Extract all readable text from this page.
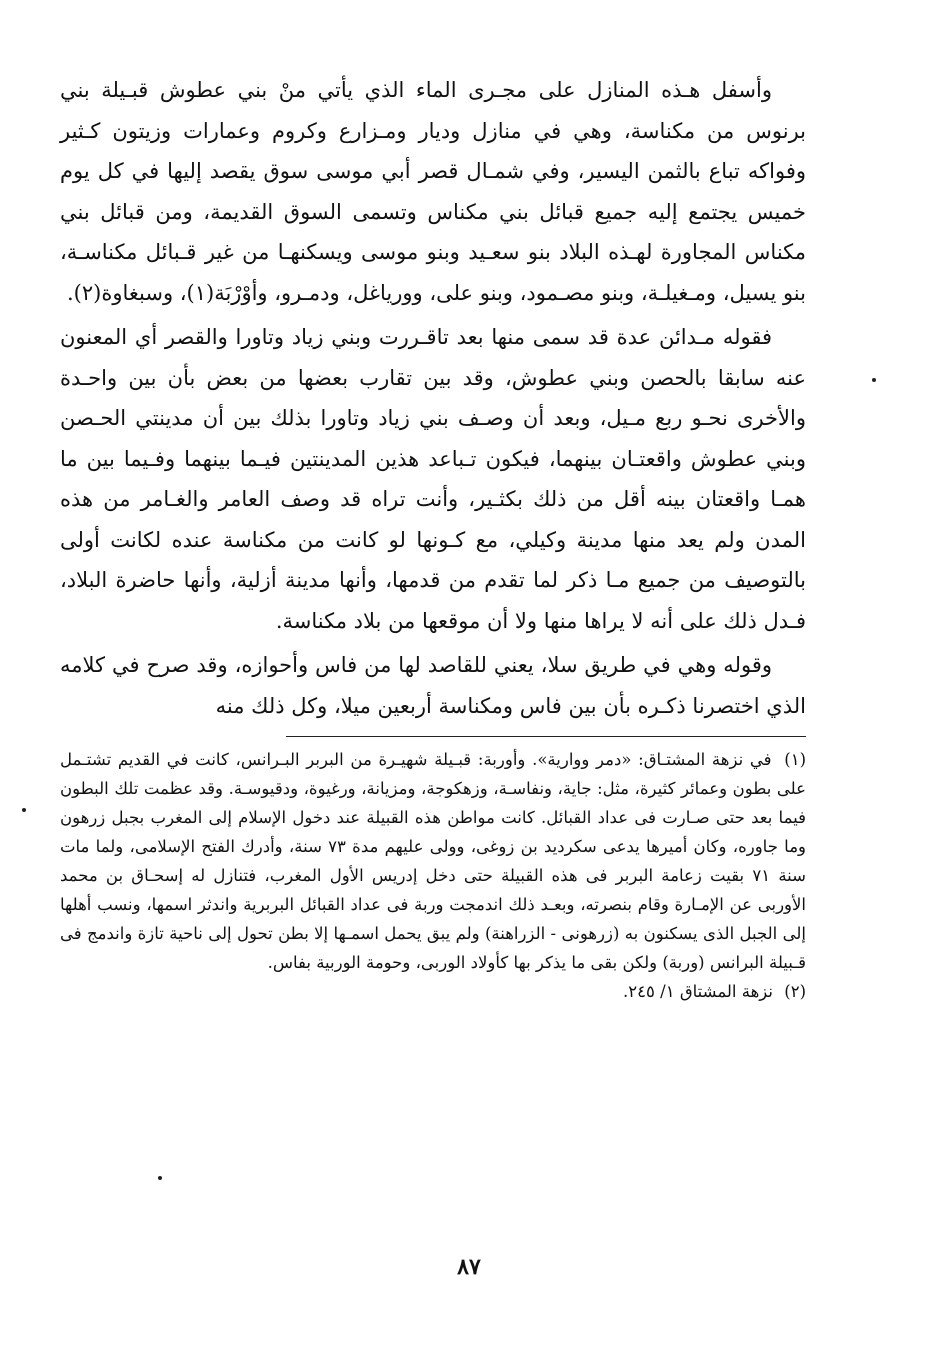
وأسفل هـذه المنازل على مجـرى الماء الذي يأتي منْ بني عطوش قبـيلة بني برنوس من مكناسة، وهي في منازل وديار ومـزارع وكروم وعمارات وزيتون كـثير وفواكه تباع بالثمن اليسير، وفي شمـال قصر أبي موسى سوق يقصد إليها في كل يوم خميس يجتمع إليه جميع قبائل بني مكناس وتسمى السوق القديمة، ومن قبائل بني مكناس المجاورة لهـذه البلاد بنو سعـيد وبنو موسى ويسكنهـا من غير قـبائل مكناسـة، بنو يسيل، ومـغيلـة، وبنو مصـمود، وبنو على، وورياغل، ودمـرو، وأوْرْبَة(١)، وسبغاوة(٢).

فقوله مـدائن عدة قد سمى منها بعد تاقـررت وبني زياد وتاورا والقصر أي المعنون عنه سابقا بالحصن وبني عطوش، وقد بين تقارب بعضها من بعض بأن بين واحـدة والأخرى نحـو ربع مـيل، وبعد أن وصـف بني زياد وتاورا بذلك بين أن مدينتي الحـصن وبني عطوش واقعتـان بينهما، فيكون تـباعد هذين المدينتين فيـما بينهما وفـيما بين ما همـا واقعتان بينه أقل من ذلك بكثـير، وأنت تراه قد وصف العامر والغـامر من هذه المدن ولم يعد منها مدينة وكيلي، مع كـونها لو كانت من مكناسة عنده لكانت أولى بالتوصيف من جميع مـا ذكر لما تقدم من قدمها، وأنها مدينة أزلية، وأنها حاضرة البلاد، فـدل ذلك على أنه لا يراها منها ولا أن موقعها من بلاد مكناسة.

وقوله وهي في طريق سلا، يعني للقاصد لها من فاس وأحوازه، وقد صرح في كلامه الذي اختصرنا ذكـره بأن بين فاس ومكناسة أربعين ميلا، وكل ذلك منه

(١) في نزهة المشتـاق: «دمر ووارية». وأوربة: قبـيلة شهيـرة من البربر البـرانس، كانت في القديم تشتـمل على بطون وعمائر كثيرة، مثل: جاية، ونفاسـة، وزهكوجة، ومزيانة، ورغيوة، ودقيوسـة. وقد عظمت تلك البطون فيما بعد حتى صـارت فى عداد القبائل. كانت مواطن هذه القبيلة عند دخول الإسلام إلى المغرب بجبل زرهون وما جاوره، وكان أميرها يدعى سكرديد بن زوغى، وولى عليهم مدة ٧٣ سنة، وأدرك الفتح الإسلامى، ولما مات سنة ٧١ بقيت زعامة البربر فى هذه القبيلة حتى دخل إدريس الأول المغرب، فتنازل له إسحـاق بن محمد الأوربى عن الإمـارة وقام بنصرته، وبعـد ذلك اندمجت وربة فى عداد القبائل البربرية واندثر اسمها، ونسب أهلها إلى الجبل الذى يسكنون به (زرهونى - الزراهنة) ولم يبق يحمل اسمـها إلا بطن تحول إلى ناحية تازة واندمج فى قـبيلة البرانس (وربة) ولكن بقى ما يذكر بها كأولاد الوربى، وحومة الوربية بفاس.

(٢) نزهة المشتاق ١/ ٢٤٥.

٨٧
